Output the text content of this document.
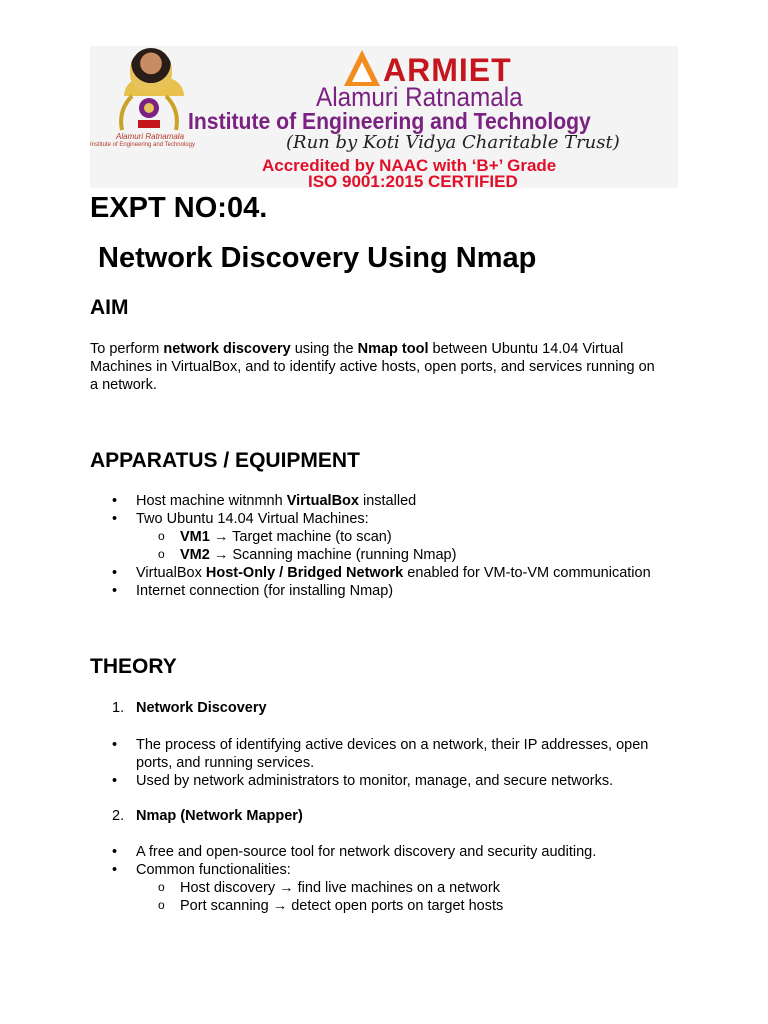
Alamuri Ratnamala
Institute of Engineering and Technology
ARMIET
Alamuri Ratnamala
Institute of Engineering and Technology
(Run by Koti Vidya Charitable Trust)
Accredited by NAAC with ‘B+’ Grade
ISO 9001:2015 CERTIFIED
EXPT NO:04.
Network Discovery Using Nmap
AIM
To perform network discovery using the Nmap tool between Ubuntu 14.04 Virtual
Machines in VirtualBox, and to identify active hosts, open ports, and services running on
a network.
APPARATUS / EQUIPMENT
• Host machine witnmnh VirtualBox installed
• Two Ubuntu 14.04 Virtual Machines:
o VM1 → Target machine (to scan)
o VM2 → Scanning machine (running Nmap)
• VirtualBox Host-Only / Bridged Network enabled for VM-to-VM communication
• Internet connection (for installing Nmap)
THEORY
1. Network Discovery
• The process of identifying active devices on a network, their IP addresses, open
ports, and running services.
• Used by network administrators to monitor, manage, and secure networks.
2. Nmap (Network Mapper)
• A free and open-source tool for network discovery and security auditing.
• Common functionalities:
o Host discovery → find live machines on a network
o Port scanning → detect open ports on target hosts
